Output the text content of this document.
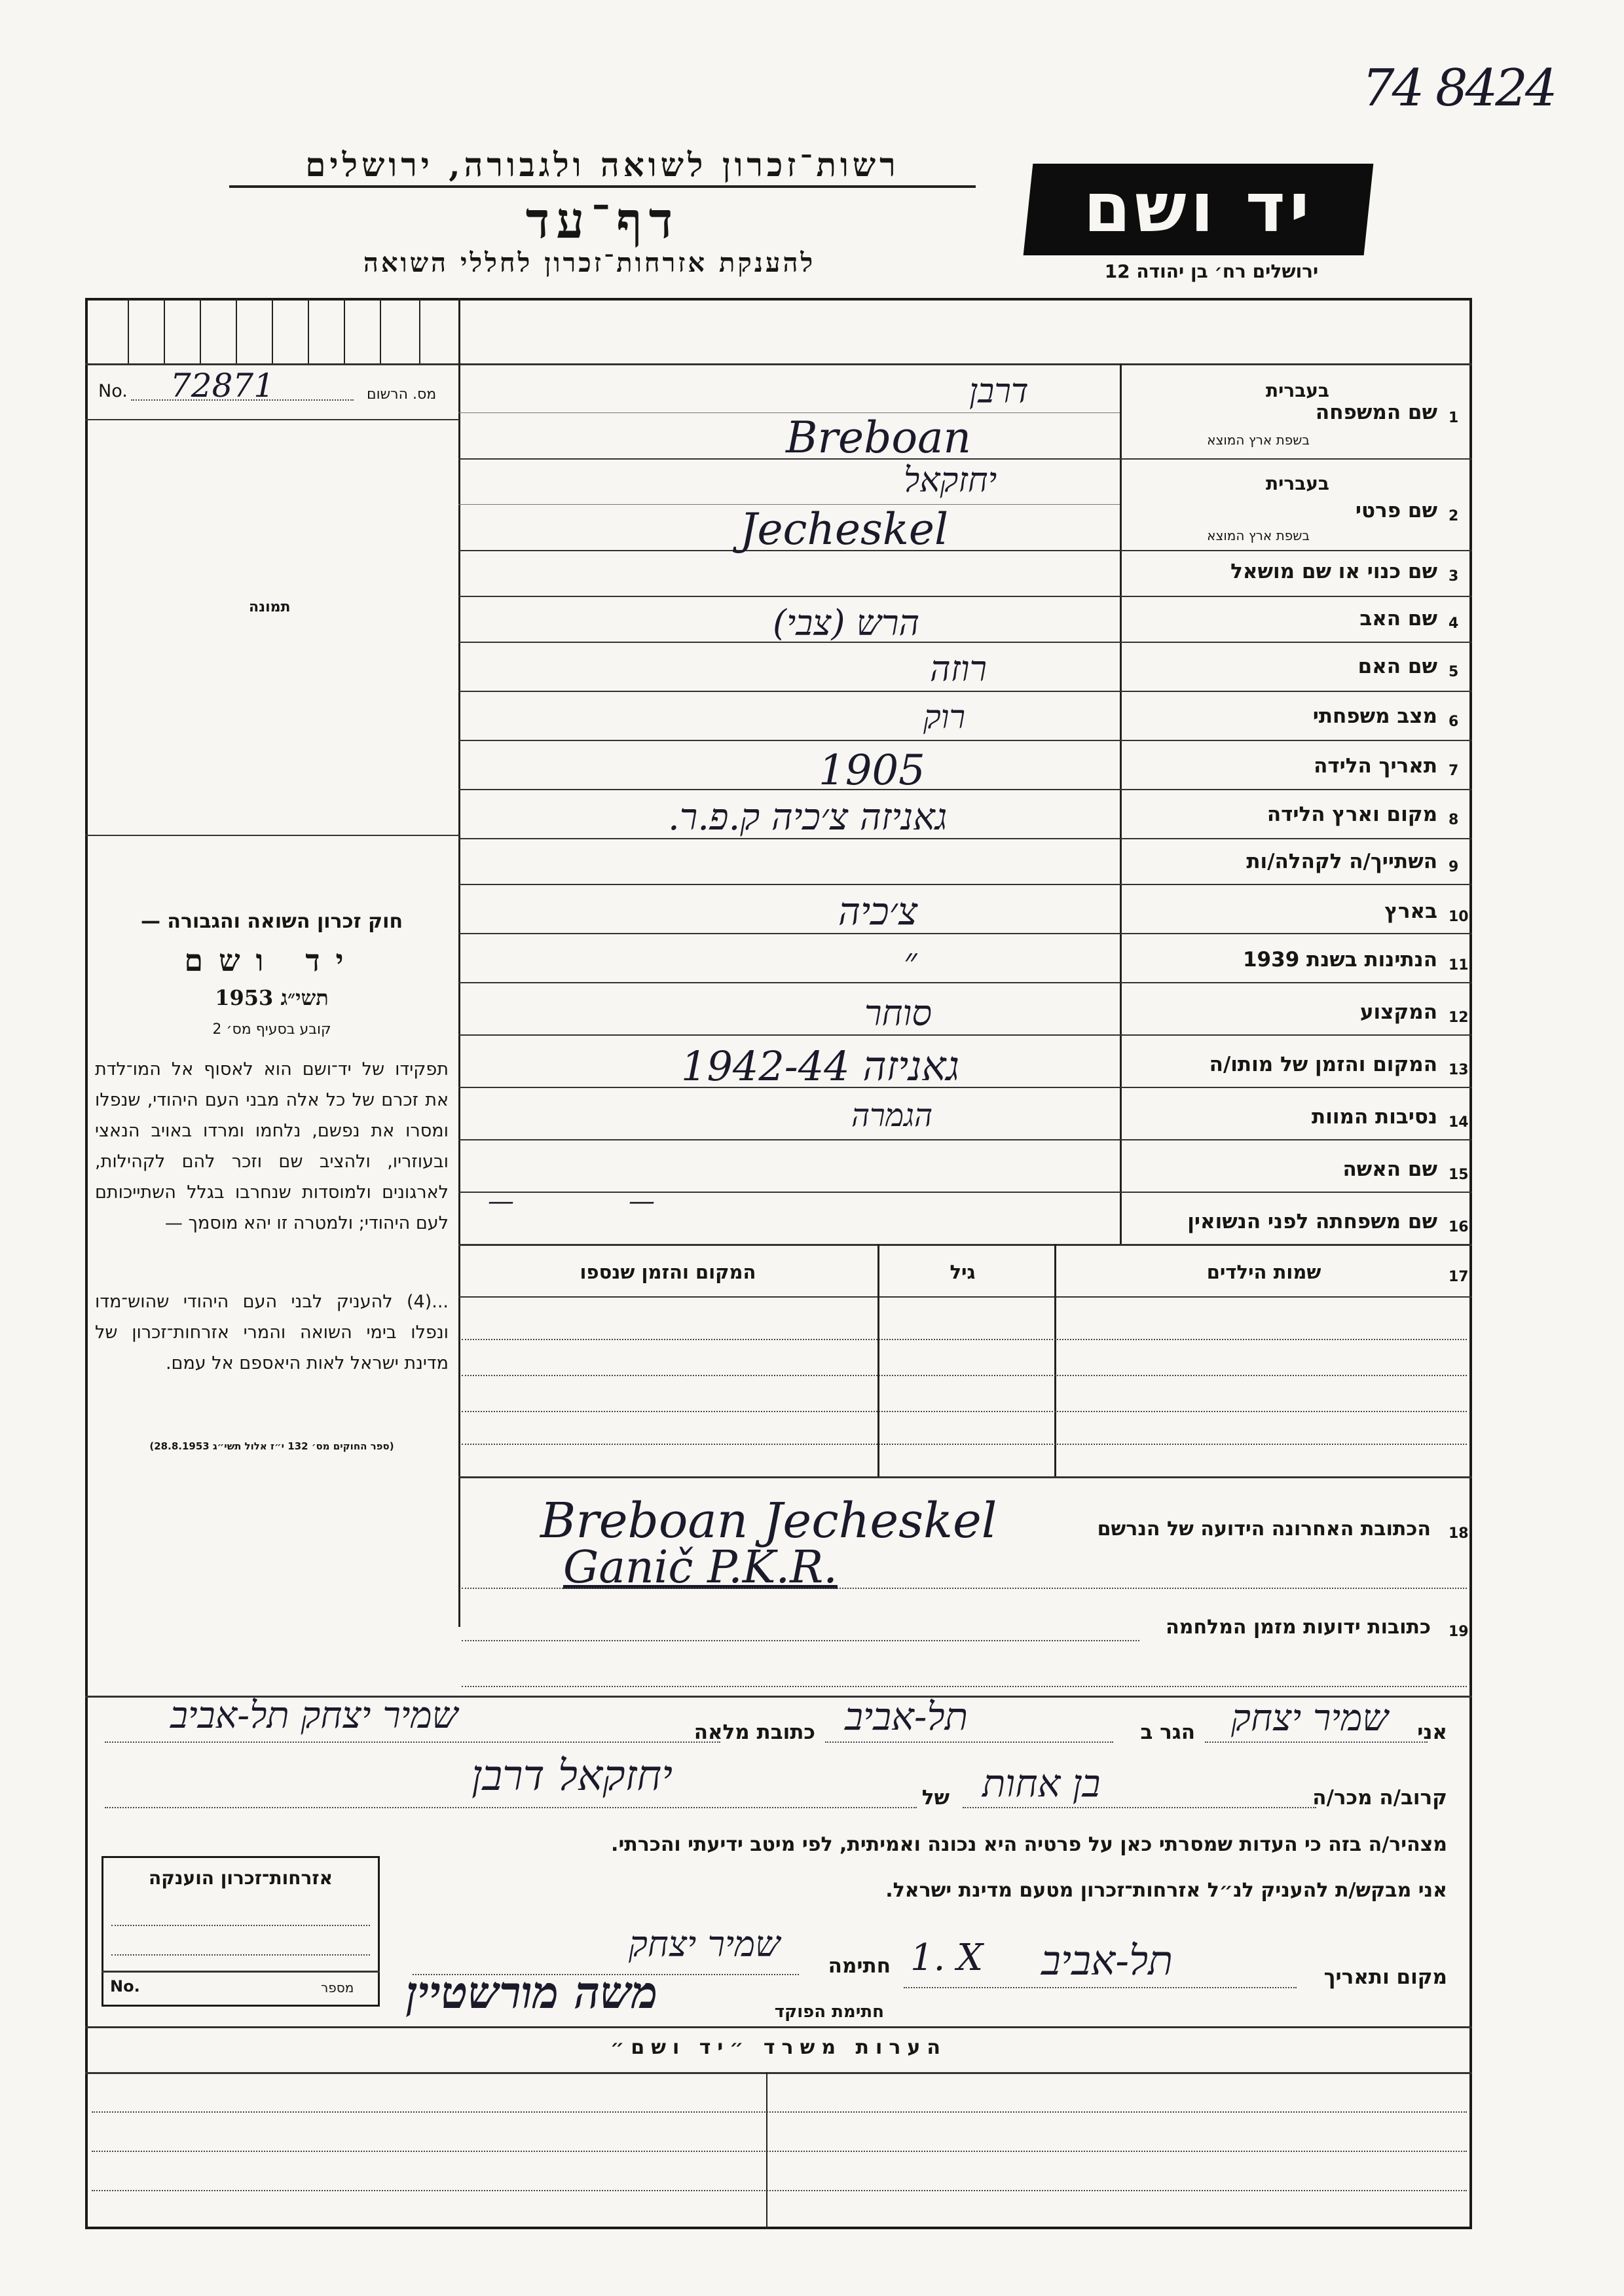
74 8424
רשות־זכרון לשואה ולגבורה, ירושלים
דף־עד
להענקת אזרחות־זכרון לחללי השואה
יד ושם
ירושלים רח׳ בן יהודה 12
No. 72871	מס. הרשום
תמונה
חוק זכרון השואה והגבורה —
יד ושם
תשי״ג 1953
קובע בסעיף מס׳ 2
תפקידו של יד־ושם הוא לאסוף אל המו־לדת את זכרם של כל אלה מבני העם היהודי, שנפלו ומסרו את נפשם, נלחמו ומרדו באויב הנאצי ובעוזריו, ולהציב שם וזכר להם לקהילות, לארגונים ולמוסדות שנחרבו בגלל השתייכותם לעם היהודי; ולמטרה זו יהא מוסמך —
...(4) להעניק לבני העם היהודי שהוש־מדו ונפלו בימי השואה והמרי אזרחות־זכרון של מדינת ישראל לאות היאספם אל עמם.
(ספר החוקים מס׳ 132 י״ז אלול תשי״ג 28.8.1953)
1
שם המשפחה
בעברית
בשפת ארץ המוצא
דרבן
Breboan
2
שם פרטי
בעברית
בשפת ארץ המוצא
יחזקאל
Jecheskel
3
שם כנוי או שם מושאל
4
שם האב
הרש (צבי)
5
שם האם
רוזה
6
מצב משפחתי
רוק
7
תאריך הלידה
1905
8
מקום וארץ הלידה
גאניזה צ׳כיה ק.פ.ר.
9
השתייך/ה לקהלה/ות
10
בארץ
צ׳כיה
11
הנתינות בשנת 1939
״
12
המקצוע
סוחר
13
המקום והזמן של מותו/ה
גאניזה 1942-44
14
נסיבות המוות
הגמרה
15
שם האשה
16
שם משפחתה לפני הנשואין
—	—
17
שמות הילדים
גיל
המקום והזמן שנספו
18
הכתובת האחרונה הידועה של הנרשם
Breboan Jecheskel
Ganič P.K.R.
19
כתובות ידועות מזמן המלחמה
אני
שמיר יצחק
הגר ב
תל-אביב
כתובת מלאה
שמיר יצחק תל-אביב
קרוב/ה מכר/ה
בן אחות
של
יחזקאל דרבן
מצהיר/ה בזה כי העדות שמסרתי כאן על פרטיה היא נכונה ואמיתית, לפי מיטב ידיעתי והכרתי.
אני מבקש/ת להעניק לנ״ל אזרחות־זכרון מטעם מדינת ישראל.
מקום ותאריך
תל-אביב
1. X
חתימה
שמיר יצחק
חתימת הפוקד
משה מורשטיין
אזרחות־זכרון הוענקה
No.	מספר
הערות משרד ״יד ושם״
